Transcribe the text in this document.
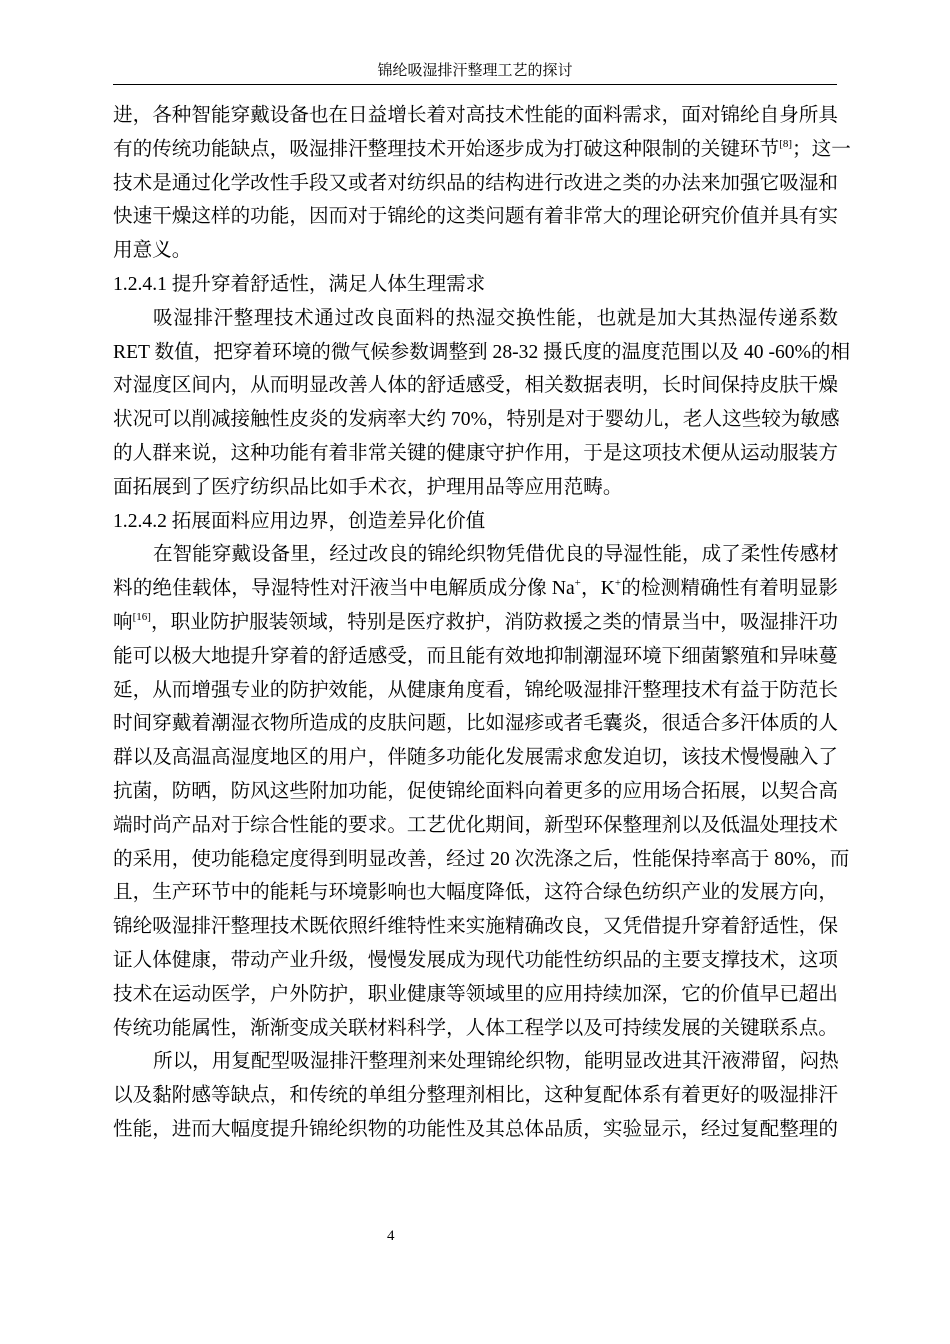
锦纶吸湿排汗整理工艺的探讨
进，各种智能穿戴设备也在日益增长着对高技术性能的面料需求，面对锦纶自身所具
有的传统功能缺点，吸湿排汗整理技术开始逐步成为打破这种限制的关键环节[8]；这一
技术是通过化学改性手段又或者对纺织品的结构进行改进之类的办法来加强它吸湿和
快速干燥这样的功能，因而对于锦纶的这类问题有着非常大的理论研究价值并具有实
用意义。
1.2.4.1 提升穿着舒适性，满足人体生理需求
吸湿排汗整理技术通过改良面料的热湿交换性能，也就是加大其热湿传递系数
RET 数值，把穿着环境的微气候参数调整到 28-32 摄氏度的温度范围以及 40 -60%的相
对湿度区间内，从而明显改善人体的舒适感受，相关数据表明，长时间保持皮肤干燥
状况可以削减接触性皮炎的发病率大约 70%，特别是对于婴幼儿，老人这些较为敏感
的人群来说，这种功能有着非常关键的健康守护作用，于是这项技术便从运动服装方
面拓展到了医疗纺织品比如手术衣，护理用品等应用范畴。
1.2.4.2 拓展面料应用边界，创造差异化价值
在智能穿戴设备里，经过改良的锦纶织物凭借优良的导湿性能，成了柔性传感材
料的绝佳载体，导湿特性对汗液当中电解质成分像 Na+，K+的检测精确性有着明显影
响[16]，职业防护服装领域，特别是医疗救护，消防救援之类的情景当中，吸湿排汗功
能可以极大地提升穿着的舒适感受，而且能有效地抑制潮湿环境下细菌繁殖和异味蔓
延，从而增强专业的防护效能，从健康角度看，锦纶吸湿排汗整理技术有益于防范长
时间穿戴着潮湿衣物所造成的皮肤问题，比如湿疹或者毛囊炎，很适合多汗体质的人
群以及高温高湿度地区的用户，伴随多功能化发展需求愈发迫切，该技术慢慢融入了
抗菌，防晒，防风这些附加功能，促使锦纶面料向着更多的应用场合拓展，以契合高
端时尚产品对于综合性能的要求。工艺优化期间，新型环保整理剂以及低温处理技术
的采用，使功能稳定度得到明显改善，经过 20 次洗涤之后，性能保持率高于 80%，而
且，生产环节中的能耗与环境影响也大幅度降低，这符合绿色纺织产业的发展方向，
锦纶吸湿排汗整理技术既依照纤维特性来实施精确改良，又凭借提升穿着舒适性，保
证人体健康，带动产业升级，慢慢发展成为现代功能性纺织品的主要支撑技术，这项
技术在运动医学，户外防护，职业健康等领域里的应用持续加深，它的价值早已超出
传统功能属性，渐渐变成关联材料科学，人体工程学以及可持续发展的关键联系点。
所以，用复配型吸湿排汗整理剂来处理锦纶织物，能明显改进其汗液滞留，闷热
以及黏附感等缺点，和传统的单组分整理剂相比，这种复配体系有着更好的吸湿排汗
性能，进而大幅度提升锦纶织物的功能性及其总体品质，实验显示，经过复配整理的
4
